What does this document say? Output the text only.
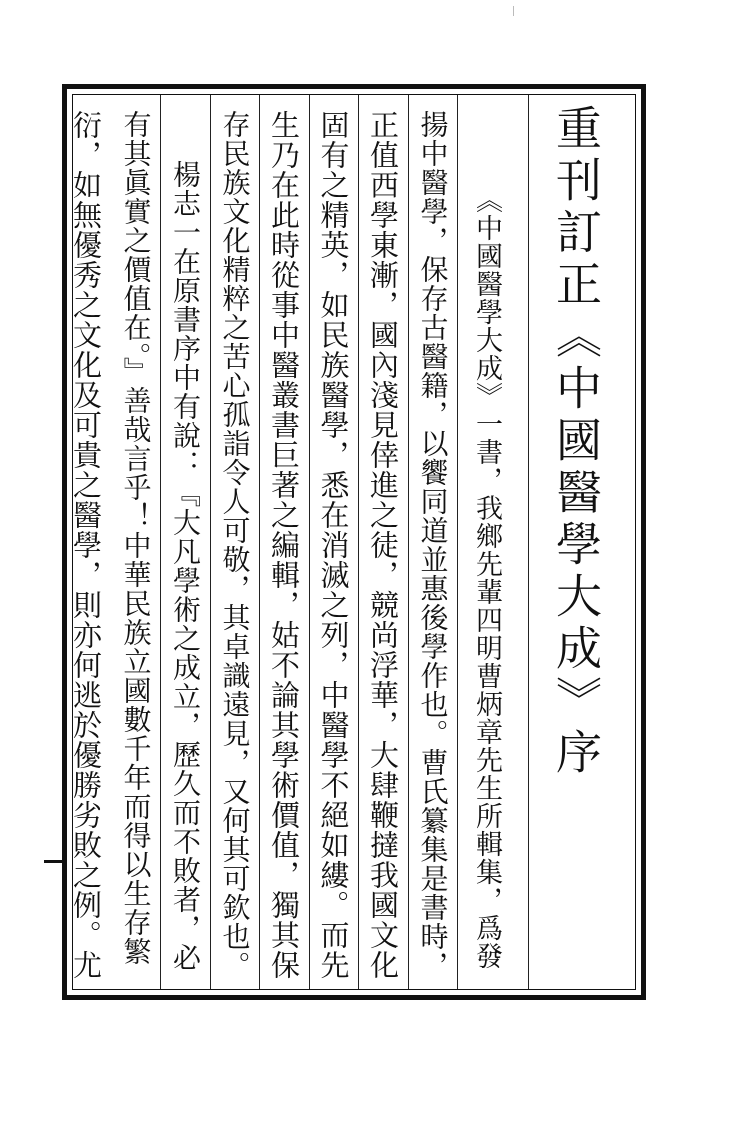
重刊訂正《中國醫學大成》序
《中國醫學大成》一書，我鄉先輩四明曹炳章先生所輯集，爲發
揚中醫學，保存古醫籍，以饗同道並惠後學作也。曹氏纂集是書時，
正值西學東漸，國內淺見倖進之徒，競尚浮華，大肆鞭撻我國文化
固有之精英，如民族醫學，悉在消滅之列，中醫學不絕如縷。而先
生乃在此時從事中醫叢書巨著之編輯，姑不論其學術價值，獨其保
存民族文化精粹之苦心孤詣令人可敬，其卓識遠見，又何其可欽也。
楊志一在原書序中有說：『大凡學術之成立，歷久而不敗者，必
有其眞實之價值在。』善哉言乎！中華民族立國數千年而得以生存繁
衍，如無優秀之文化及可貴之醫學，則亦何逃於優勝劣敗之例。尤
